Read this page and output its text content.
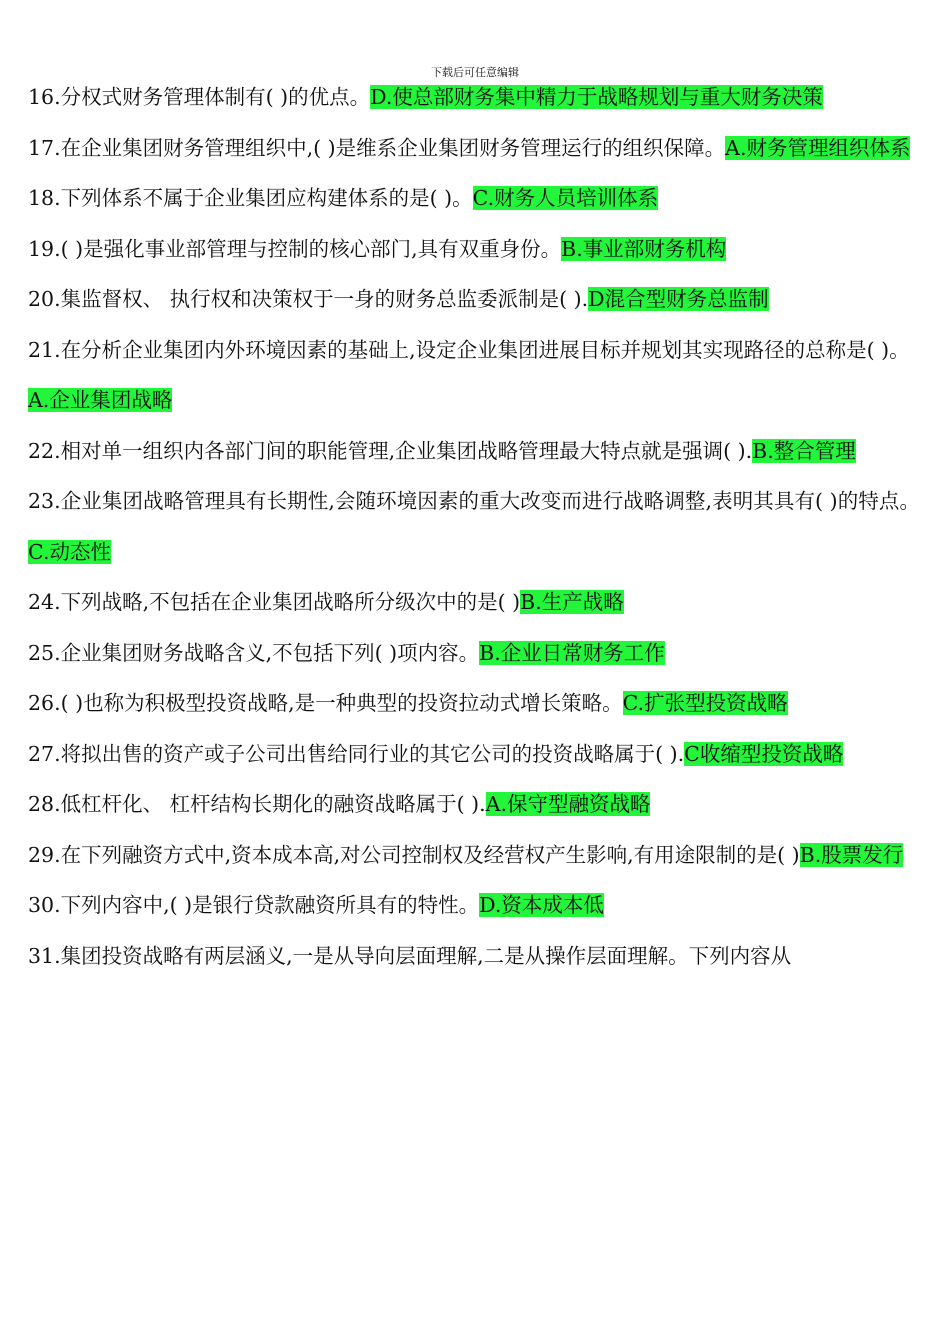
下载后可任意编辑

16.分权式财务管理体制有( )的优点。D.使总部财务集中精力于战略规划与重大财务决策

17.在企业集团财务管理组织中,( )是维系企业集团财务管理运行的组织保障。A.财务管理组织体系

18.下列体系不属于企业集团应构建体系的是( )。C.财务人员培训体系

19.( )是强化事业部管理与控制的核心部门,具有双重身份。B.事业部财务机构

20.集监督权、 执行权和决策权于一身的财务总监委派制是( ).D混合型财务总监制

21.在分析企业集团内外环境因素的基础上,设定企业集团进展目标并规划其实现路径的总称是( )。
A.企业集团战略

22.相对单一组织内各部门间的职能管理,企业集团战略管理最大特点就是强调( ).B.整合管理

23.企业集团战略管理具有长期性,会随环境因素的重大改变而进行战略调整,表明其具有( )的特点。C.动态性

24.下列战略,不包括在企业集团战略所分级次中的是( )B.生产战略

25.企业集团财务战略含义,不包括下列( )项内容。B.企业日常财务工作

26.( )也称为积极型投资战略,是一种典型的投资拉动式增长策略。C.扩张型投资战略

27.将拟出售的资产或子公司出售给同行业的其它公司的投资战略属于( ).C收缩型投资战略

28.低杠杆化、 杠杆结构长期化的融资战略属于( ).A.保守型融资战略

29.在下列融资方式中,资本成本高,对公司控制权及经营权产生影响,有用途限制的是( )B.股票发行

30.下列内容中,( )是银行贷款融资所具有的特性。D.资本成本低

31.集团投资战略有两层涵义,一是从导向层面理解,二是从操作层面理解。下列内容从
